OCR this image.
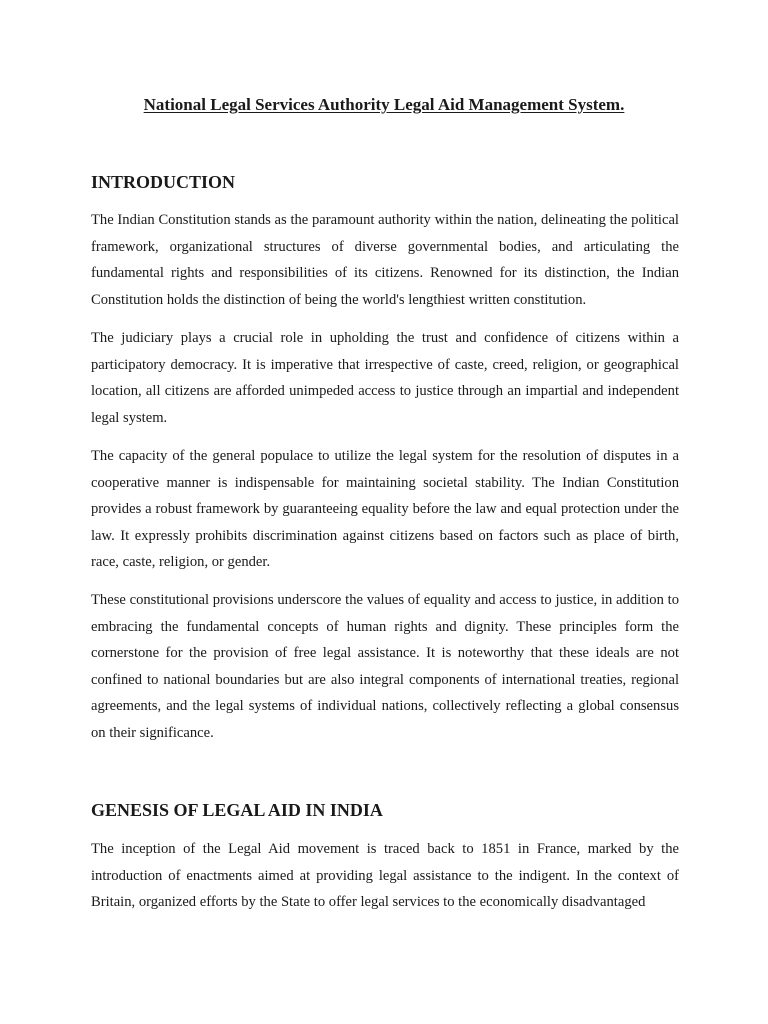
National Legal Services Authority Legal Aid Management System.
INTRODUCTION

The Indian Constitution stands as the paramount authority within the nation, delineating the political framework, organizational structures of diverse governmental bodies, and articulating the fundamental rights and responsibilities of its citizens. Renowned for its distinction, the Indian Constitution holds the distinction of being the world's lengthiest written constitution.

The judiciary plays a crucial role in upholding the trust and confidence of citizens within a participatory democracy. It is imperative that irrespective of caste, creed, religion, or geographical location, all citizens are afforded unimpeded access to justice through an impartial and independent legal system.

The capacity of the general populace to utilize the legal system for the resolution of disputes in a cooperative manner is indispensable for maintaining societal stability. The Indian Constitution provides a robust framework by guaranteeing equality before the law and equal protection under the law. It expressly prohibits discrimination against citizens based on factors such as place of birth, race, caste, religion, or gender.

These constitutional provisions underscore the values of equality and access to justice, in addition to embracing the fundamental concepts of human rights and dignity. These principles form the cornerstone for the provision of free legal assistance. It is noteworthy that these ideals are not confined to national boundaries but are also integral components of international treaties, regional agreements, and the legal systems of individual nations, collectively reflecting a global consensus on their significance.

GENESIS OF LEGAL AID IN INDIA

The inception of the Legal Aid movement is traced back to 1851 in France, marked by the introduction of enactments aimed at providing legal assistance to the indigent. In the context of Britain, organized efforts by the State to offer legal services to the economically disadvantaged
